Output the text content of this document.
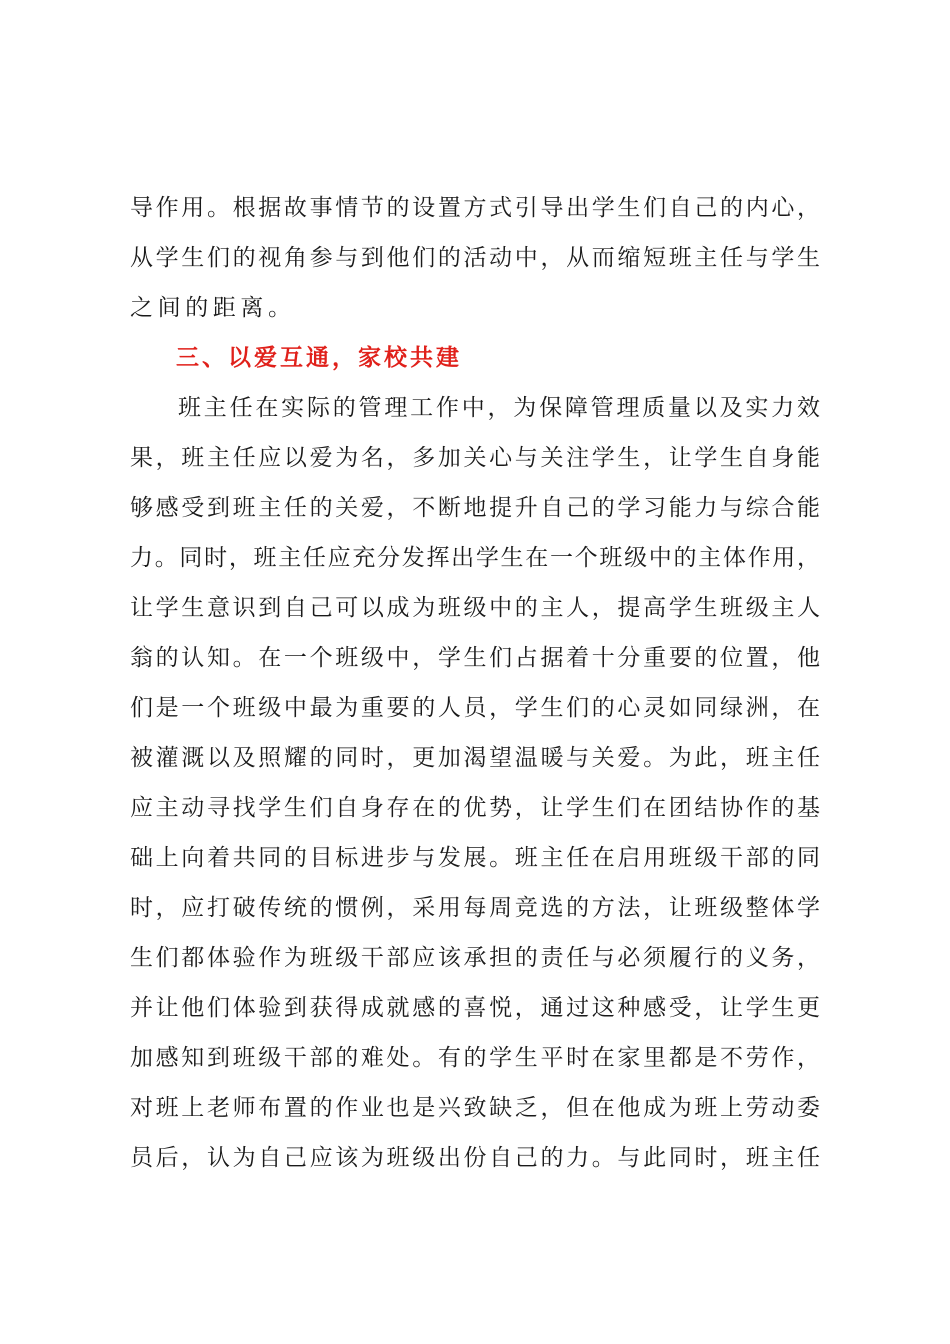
导作用。根据故事情节的设置方式引导出学生们自己的内心，
从学生们的视角参与到他们的活动中，从而缩短班主任与学生
之间的距离。
三、以爱互通，家校共建
班主任在实际的管理工作中，为保障管理质量以及实力效
果，班主任应以爱为名，多加关心与关注学生，让学生自身能
够感受到班主任的关爱，不断地提升自己的学习能力与综合能
力。同时，班主任应充分发挥出学生在一个班级中的主体作用，
让学生意识到自己可以成为班级中的主人，提高学生班级主人
翁的认知。在一个班级中，学生们占据着十分重要的位置，他
们是一个班级中最为重要的人员，学生们的心灵如同绿洲，在
被灌溉以及照耀的同时，更加渴望温暖与关爱。为此，班主任
应主动寻找学生们自身存在的优势，让学生们在团结协作的基
础上向着共同的目标进步与发展。班主任在启用班级干部的同
时，应打破传统的惯例，采用每周竞选的方法，让班级整体学
生们都体验作为班级干部应该承担的责任与必须履行的义务，
并让他们体验到获得成就感的喜悦，通过这种感受，让学生更
加感知到班级干部的难处。有的学生平时在家里都是不劳作，
对班上老师布置的作业也是兴致缺乏，但在他成为班上劳动委
员后，认为自己应该为班级出份自己的力。与此同时，班主任
